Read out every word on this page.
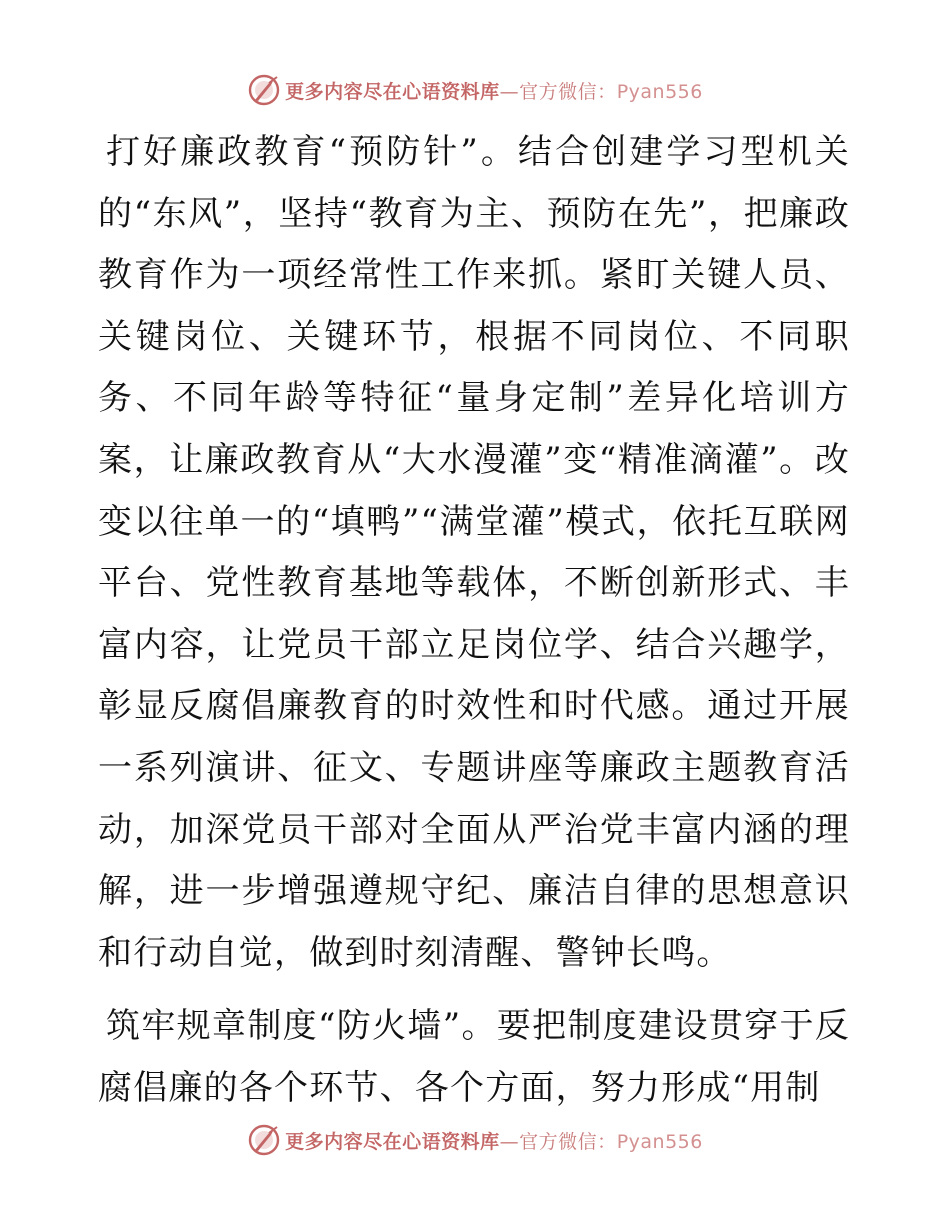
更多内容尽在心语资料库—官方微信：Pyan556

打好廉政教育“预防针”。结合创建学习型机关的“东风”，坚持“教育为主、预防在先”，把廉政教育作为一项经常性工作来抓。紧盯关键人员、关键岗位、关键环节，根据不同岗位、不同职务、不同年龄等特征“量身定制”差异化培训方案，让廉政教育从“大水漫灌”变“精准滴灌”。改变以往单一的“填鸭”“满堂灌”模式，依托互联网平台、党性教育基地等载体，不断创新形式、丰富内容，让党员干部立足岗位学、结合兴趣学，彰显反腐倡廉教育的时效性和时代感。通过开展一系列演讲、征文、专题讲座等廉政主题教育活动，加深党员干部对全面从严治党丰富内涵的理解，进一步增强遵规守纪、廉洁自律的思想意识和行动自觉，做到时刻清醒、警钟长鸣。

筑牢规章制度“防火墙”。要把制度建设贯穿于反腐倡廉的各个环节、各个方面，努力形成“用制

更多内容尽在心语资料库—官方微信：Pyan556
